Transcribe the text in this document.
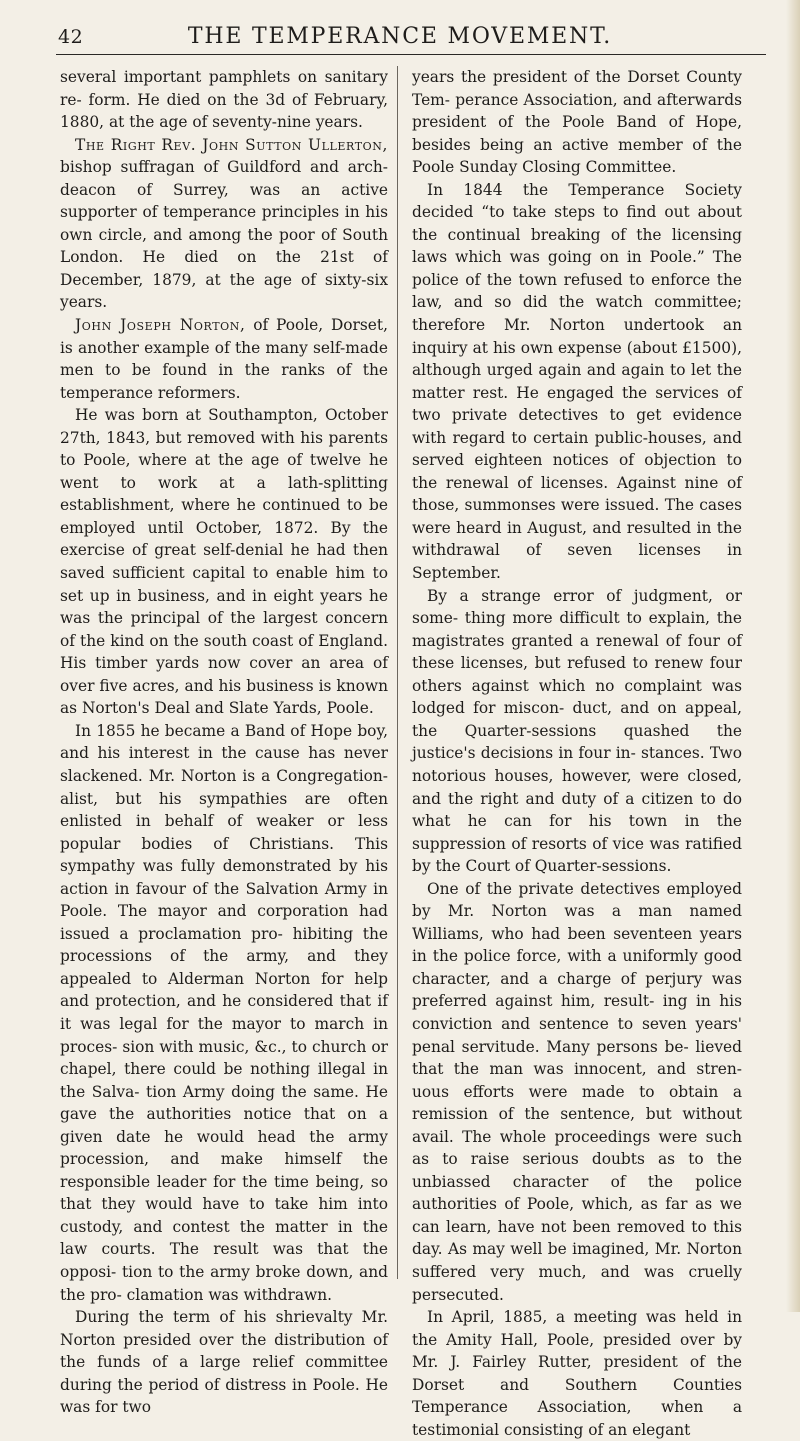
42	THE TEMPERANCE MOVEMENT.

several important pamphlets on sanitary re- form. He died on the 3d of February, 1880, at the age of seventy-nine years.

The Right Rev. John Sutton Ullerton, bishop suffragan of Guildford and arch- deacon of Surrey, was an active supporter of temperance principles in his own circle, and among the poor of South London. He died on the 21st of December, 1879, at the age of sixty-six years.

John Joseph Norton, of Poole, Dorset, is another example of the many self-made men to be found in the ranks of the temperance reformers.

He was born at Southampton, October 27th, 1843, but removed with his parents to Poole, where at the age of twelve he went to work at a lath-splitting establishment, where he continued to be employed until October, 1872. By the exercise of great self-denial he had then saved sufficient capital to enable him to set up in business, and in eight years he was the principal of the largest concern of the kind on the south coast of England. His timber yards now cover an area of over five acres, and his business is known as Norton's Deal and Slate Yards, Poole.

In 1855 he became a Band of Hope boy, and his interest in the cause has never slackened. Mr. Norton is a Congregation- alist, but his sympathies are often enlisted in behalf of weaker or less popular bodies of Christians. This sympathy was fully demonstrated by his action in favour of the Salvation Army in Poole. The mayor and corporation had issued a proclamation pro- hibiting the processions of the army, and they appealed to Alderman Norton for help and protection, and he considered that if it was legal for the mayor to march in proces- sion with music, &c., to church or chapel, there could be nothing illegal in the Salva- tion Army doing the same. He gave the authorities notice that on a given date he would head the army procession, and make himself the responsible leader for the time being, so that they would have to take him into custody, and contest the matter in the law courts. The result was that the opposi- tion to the army broke down, and the pro- clamation was withdrawn.

During the term of his shrievalty Mr. Norton presided over the distribution of the funds of a large relief committee during the period of distress in Poole. He was for two

years the president of the Dorset County Tem- perance Association, and afterwards president of the Poole Band of Hope, besides being an active member of the Poole Sunday Closing Committee.

In 1844 the Temperance Society decided “to take steps to find out about the continual breaking of the licensing laws which was going on in Poole.” The police of the town refused to enforce the law, and so did the watch committee; therefore Mr. Norton undertook an inquiry at his own expense (about £1500), although urged again and again to let the matter rest. He engaged the services of two private detectives to get evidence with regard to certain public-houses, and served eighteen notices of objection to the renewal of licenses. Against nine of those, summonses were issued. The cases were heard in August, and resulted in the withdrawal of seven licenses in September.

By a strange error of judgment, or some- thing more difficult to explain, the magistrates granted a renewal of four of these licenses, but refused to renew four others against which no complaint was lodged for miscon- duct, and on appeal, the Quarter-sessions quashed the justice's decisions in four in- stances. Two notorious houses, however, were closed, and the right and duty of a citizen to do what he can for his town in the suppression of resorts of vice was ratified by the Court of Quarter-sessions.

One of the private detectives employed by Mr. Norton was a man named Williams, who had been seventeen years in the police force, with a uniformly good character, and a charge of perjury was preferred against him, result- ing in his conviction and sentence to seven years' penal servitude. Many persons be- lieved that the man was innocent, and stren- uous efforts were made to obtain a remission of the sentence, but without avail. The whole proceedings were such as to raise serious doubts as to the unbiassed character of the police authorities of Poole, which, as far as we can learn, have not been removed to this day. As may well be imagined, Mr. Norton suffered very much, and was cruelly persecuted.

In April, 1885, a meeting was held in the Amity Hall, Poole, presided over by Mr. J. Fairley Rutter, president of the Dorset and Southern Counties Temperance Association, when a testimonial consisting of an elegant
